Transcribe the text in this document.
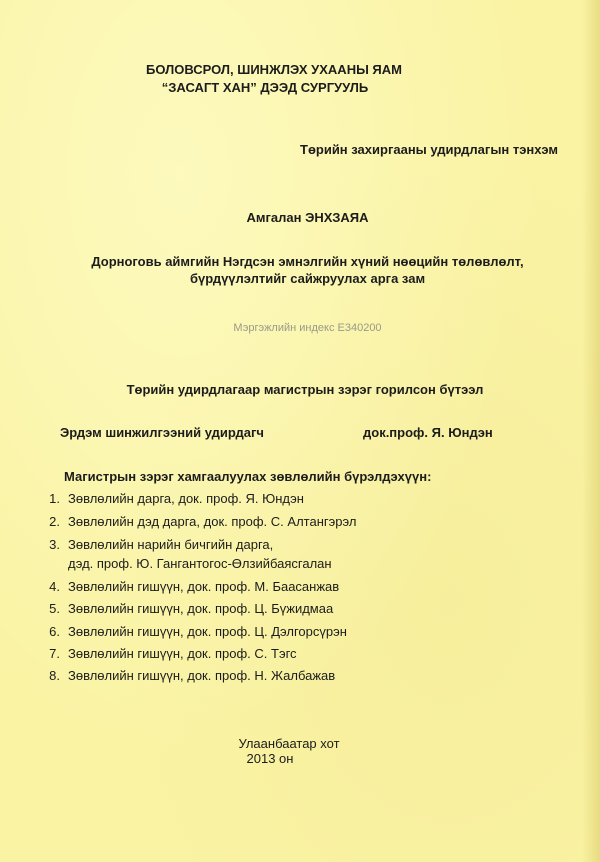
БОЛОВСРОЛ, ШИНЖЛЭХ УХААНЫ ЯАМ
“ЗАСАГТ ХАН” ДЭЭД СУРГУУЛЬ
Төрийн захиргааны удирдлагын тэнхэм
Амгалан ЭНХЗАЯА
Дорноговь аймгийн Нэгдсэн эмнэлгийн хүний нөөцийн төлөвлөлт,
бүрдүүлэлтийг сайжруулах арга зам
Мэргэжлийн индекс Е340200
Төрийн удирдлагаар магистрын зэрэг горилсон бүтээл
Эрдэм шинжилгээний удирдагч	док.проф. Я. Юндэн
Магистрын зэрэг хамгаалуулах зөвлөлийн бүрэлдэхүүн:
1. Зөвлөлийн дарга, док. проф. Я. Юндэн
2. Зөвлөлийн дэд дарга, док. проф. С. Алтангэрэл
3. Зөвлөлийн нарийн бичгийн дарга,
дэд. проф. Ю. Гангантогос-Өлзийбаясгалан
4. Зөвлөлийн гишүүн, док. проф. М. Баасанжав
5. Зөвлөлийн гишүүн, док. проф. Ц. Бүжидмаа
6. Зөвлөлийн гишүүн, док. проф. Ц. Дэлгорсүрэн
7. Зөвлөлийн гишүүн, док. проф. С. Тэгс
8. Зөвлөлийн гишүүн, док. проф. Н. Жалбажав
Улаанбаатар хот
2013 он
